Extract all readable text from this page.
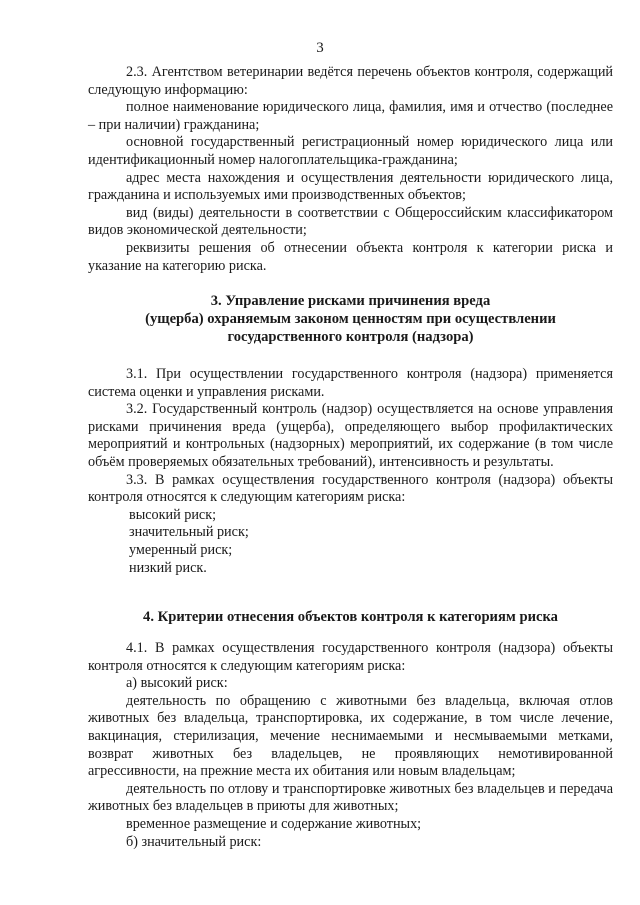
3

2.3. Агентством ветеринарии ведётся перечень объектов контроля, содержащий следующую информацию:

полное наименование юридического лица, фамилия, имя и отчество (последнее – при наличии) гражданина;

основной государственный регистрационный номер юридического лица или идентификационный номер налогоплательщика-гражданина;

адрес места нахождения и осуществления деятельности юридического лица, гражданина и используемых ими производственных объектов;

вид (виды) деятельности в соответствии с Общероссийским классификатором видов экономической деятельности;

реквизиты решения об отнесении объекта контроля к категории риска и указание на категорию риска.

3. Управление рисками причинения вреда
(ущерба) охраняемым законом ценностям при осуществлении
государственного контроля (надзора)

3.1. При осуществлении государственного контроля (надзора) применяется система оценки и управления рисками.

3.2. Государственный контроль (надзор) осуществляется на основе управления рисками причинения вреда (ущерба), определяющего выбор профилактических мероприятий и контрольных (надзорных) мероприятий, их содержание (в том числе объём проверяемых обязательных требований), интенсивность и результаты.

3.3. В рамках осуществления государственного контроля (надзора) объекты контроля относятся к следующим категориям риска:

высокий риск;

значительный риск;

умеренный риск;

низкий риск.

4. Критерии отнесения объектов контроля к категориям риска

4.1. В рамках осуществления государственного контроля (надзора) объекты контроля относятся к следующим категориям риска:

а) высокий риск:

деятельность по обращению с животными без владельца, включая отлов животных без владельца, транспортировка, их содержание, в том числе лечение, вакцинация, стерилизация, мечение неснимаемыми и несмываемыми метками, возврат животных без владельцев, не проявляющих немотивированной агрессивности, на прежние места их обитания или новым владельцам;

деятельность по отлову и транспортировке животных без владельцев и передача животных без владельцев в приюты для животных;

временное размещение и содержание животных;

б) значительный риск:
